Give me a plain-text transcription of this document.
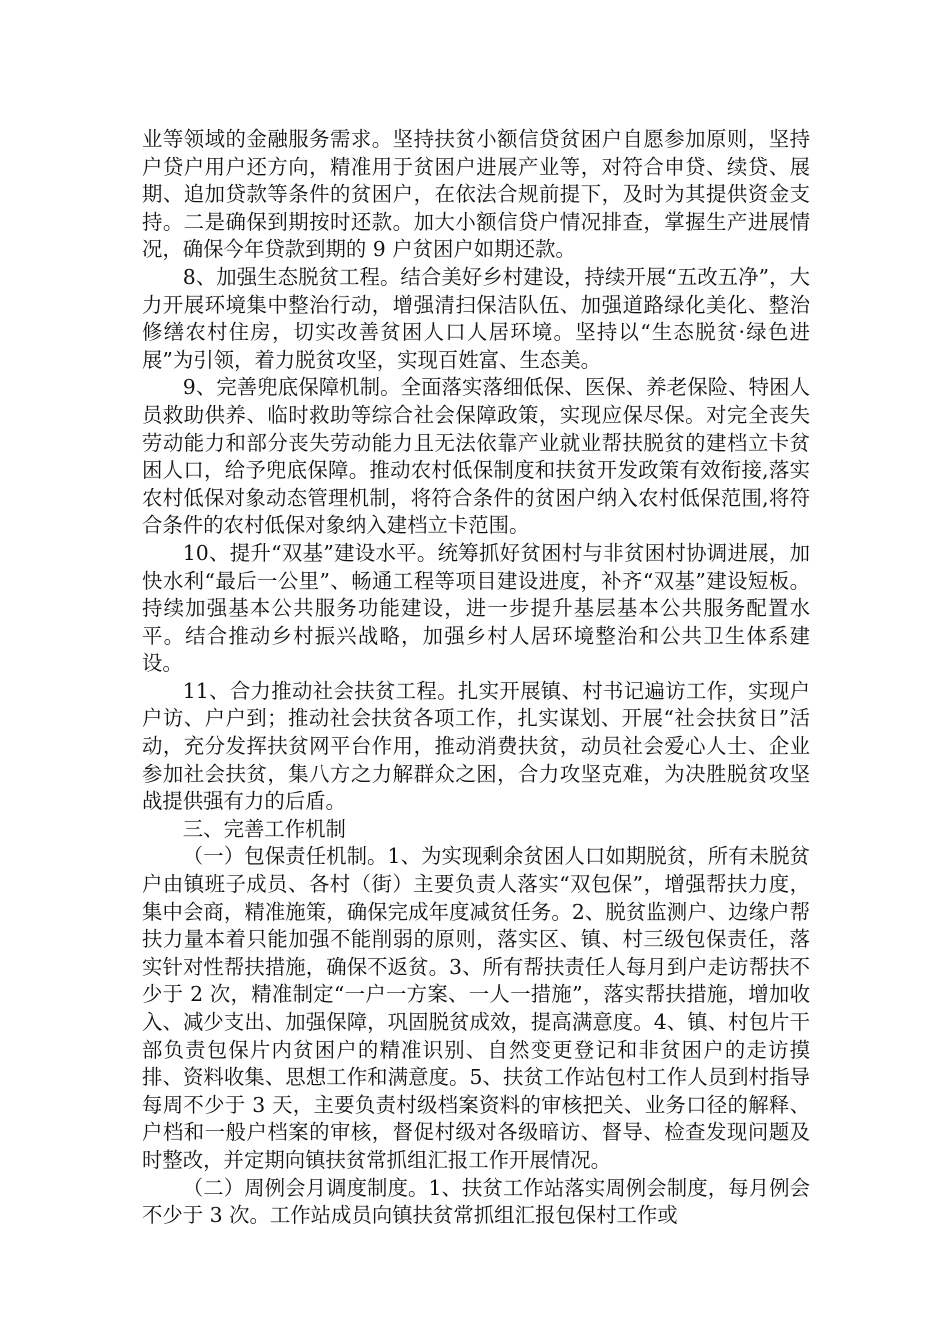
业等领域的金融服务需求。坚持扶贫小额信贷贫困户自愿参加原则，坚持户贷户用户还方向，精准用于贫困户进展产业等，对符合申贷、续贷、展期、追加贷款等条件的贫困户，在依法合规前提下，及时为其提供资金支持。二是确保到期按时还款。加大小额信贷户情况排查，掌握生产进展情况，确保今年贷款到期的 9 户贫困户如期还款。

8、加强生态脱贫工程。结合美好乡村建设，持续开展“五改五净”，大力开展环境集中整治行动，增强清扫保洁队伍、加强道路绿化美化、整治修缮农村住房，切实改善贫困人口人居环境。坚持以“生态脱贫·绿色进展”为引领，着力脱贫攻坚，实现百姓富、生态美。

9、完善兜底保障机制。全面落实落细低保、医保、养老保险、特困人员救助供养、临时救助等综合社会保障政策，实现应保尽保。对完全丧失劳动能力和部分丧失劳动能力且无法依靠产业就业帮扶脱贫的建档立卡贫困人口，给予兜底保障。推动农村低保制度和扶贫开发政策有效衔接,落实农村低保对象动态管理机制，将符合条件的贫困户纳入农村低保范围,将符合条件的农村低保对象纳入建档立卡范围。

10、提升“双基”建设水平。统筹抓好贫困村与非贫困村协调进展，加快水利“最后一公里”、畅通工程等项目建设进度，补齐“双基”建设短板。持续加强基本公共服务功能建设，进一步提升基层基本公共服务配置水平。结合推动乡村振兴战略，加强乡村人居环境整治和公共卫生体系建设。

11、合力推动社会扶贫工程。扎实开展镇、村书记遍访工作，实现户户访、户户到；推动社会扶贫各项工作，扎实谋划、开展“社会扶贫日”活动，充分发挥扶贫网平台作用，推动消费扶贫，动员社会爱心人士、企业参加社会扶贫，集八方之力解群众之困，合力攻坚克难，为决胜脱贫攻坚战提供强有力的后盾。

三、完善工作机制

（一）包保责任机制。1、为实现剩余贫困人口如期脱贫，所有未脱贫户由镇班子成员、各村（街）主要负责人落实“双包保”，增强帮扶力度，集中会商，精准施策，确保完成年度减贫任务。2、脱贫监测户、边缘户帮扶力量本着只能加强不能削弱的原则，落实区、镇、村三级包保责任，落实针对性帮扶措施，确保不返贫。3、所有帮扶责任人每月到户走访帮扶不少于 2 次，精准制定“一户一方案、一人一措施”，落实帮扶措施，增加收入、减少支出、加强保障，巩固脱贫成效，提高满意度。4、镇、村包片干部负责包保片内贫困户的精准识别、自然变更登记和非贫困户的走访摸排、资料收集、思想工作和满意度。5、扶贫工作站包村工作人员到村指导每周不少于 3 天，主要负责村级档案资料的审核把关、业务口径的解释、户档和一般户档案的审核，督促村级对各级暗访、督导、检查发现问题及时整改，并定期向镇扶贫常抓组汇报工作开展情况。

（二）周例会月调度制度。1、扶贫工作站落实周例会制度，每月例会不少于 3 次。工作站成员向镇扶贫常抓组汇报包保村工作或
